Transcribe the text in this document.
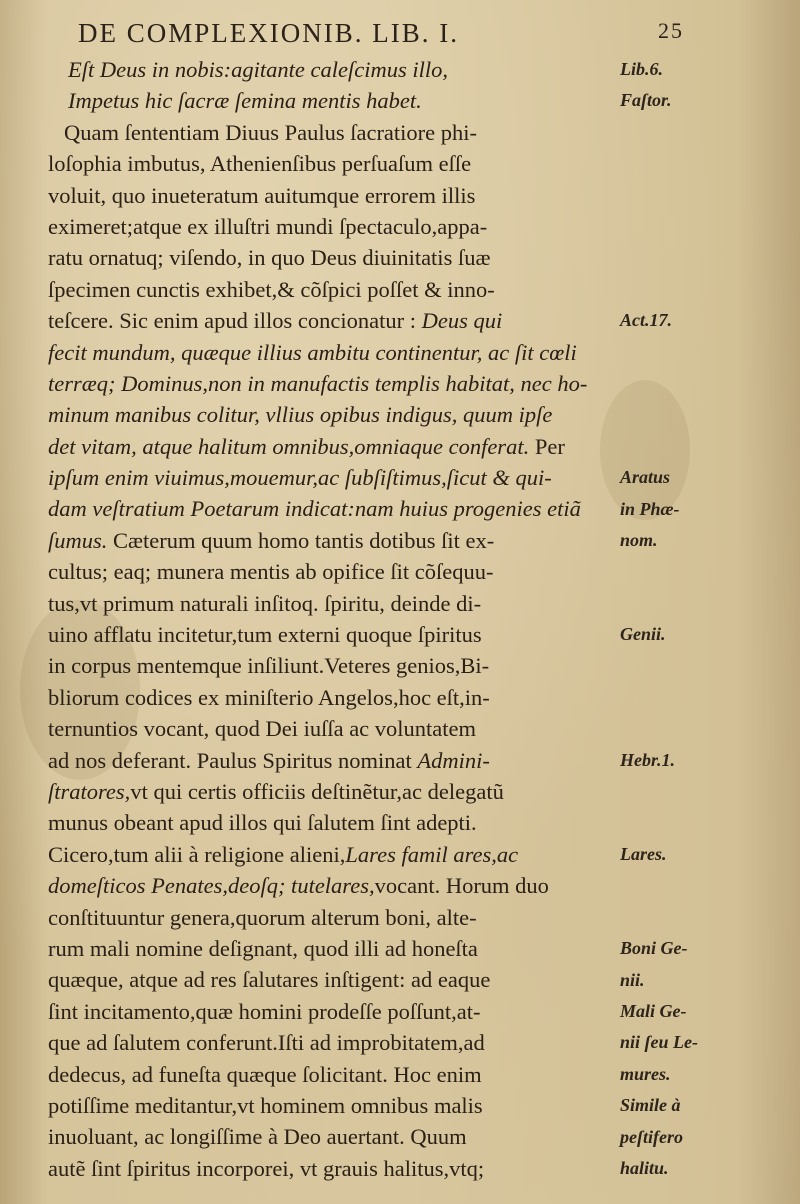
DE COMPLEXIONIB. LIB. I.	25
Eſt Deus in nobis:agitante caleſcimus illo,
Impetus hic ſacræ ſemina mentis habet.
Quam ſententiam Diuus Paulus ſacratiore phi-
loſophia imbutus, Athenienſibus perſuaſum eſſe
voluit, quo inueteratum auitumque errorem illis
eximeret;atque ex illuſtri mundi ſpectaculo,appa-
ratu ornatuq; viſendo, in quo Deus diuinitatis ſuæ
ſpecimen cunctis exhibet,& cõſpici poſſet & inno-
teſcere. Sic enim apud illos concionatur : Deus qui
fecit mundum, quæque illius ambitu continentur, ac ſit cœli
terræq; Dominus,non in manufactis templis habitat, nec ho-
minum manibus colitur, vllius opibus indigus, quum ipſe
det vitam, atque halitum omnibus,omniaque conferat. Per
ipſum enim viuimus,mouemur,ac ſubſiſtimus,ſicut & qui-
dam veſtratium Poetarum indicat:nam huius progenies etiã
ſumus. Cæterum quum homo tantis dotibus ſit ex-
cultus; eaq; munera mentis ab opifice ſit cõſequu-
tus,vt primum naturali inſitoq. ſpiritu, deinde di-
uino afflatu incitetur,tum externi quoque ſpiritus
in corpus mentemque inſiliunt.Veteres genios,Bi-
bliorum codices ex miniſterio Angelos,hoc eſt,in-
ternuntios vocant, quod Dei iuſſa ac voluntatem
ad nos deferant. Paulus Spiritus nominat Admini-
ſtratores,vt qui certis officiis deſtinẽtur,ac delegatũ
munus obeant apud illos qui ſalutem ſint adepti.
Cicero,tum alii à religione alieni,Lares famil ares,ac
domeſticos Penates,deoſq; tutelares,vocant. Horum duo
conſtituuntur genera,quorum alterum boni, alte-
rum mali nomine deſignant, quod illi ad honeſta
quæque, atque ad res ſalutares inſtigent: ad eaque
ſint incitamento,quæ homini prodeſſe poſſunt,at-
que ad ſalutem conferunt.Iſti ad improbitatem,ad
dedecus, ad funeſta quæque ſolicitant. Hoc enim
potiſſime meditantur,vt hominem omnibus malis
inuoluant, ac longiſſime à Deo auertant. Quum
autẽ ſint ſpiritus incorporei, vt grauis halitus,vtq;
Lib.6.
Faſtor.
Act.17.
Aratus
in Phæ-
nom.
Genii.
Hebr.1.
Lares.
Boni Ge-
nii.
Mali Ge-
nii ſeu Le-
mures.
Simile à
peſtifero
halitu.
